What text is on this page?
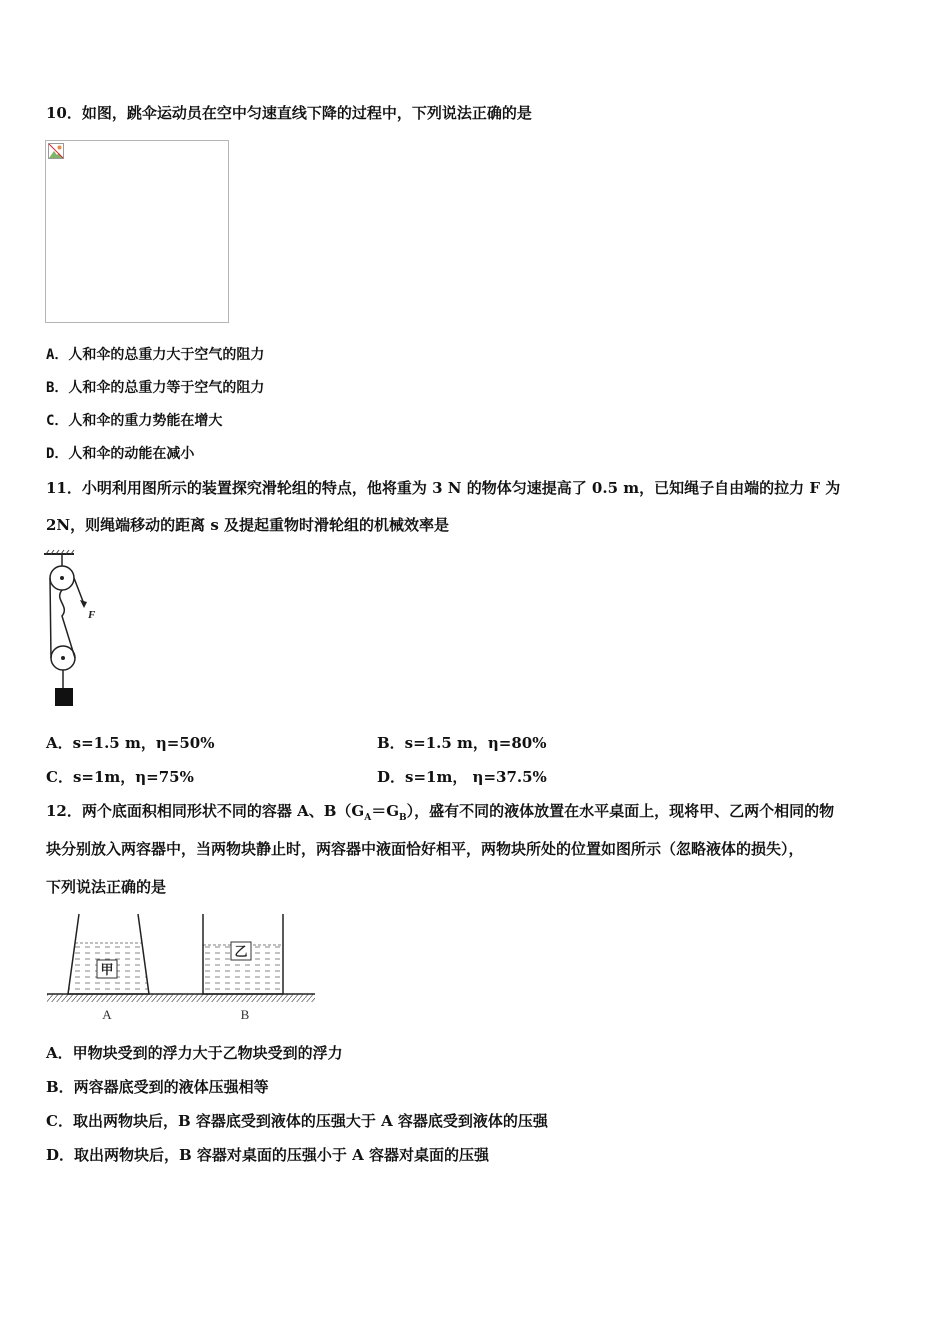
10．如图，跳伞运动员在空中匀速直线下降的过程中，下列说法正确的是
A．人和伞的总重力大于空气的阻力
B．人和伞的总重力等于空气的阻力
C．人和伞的重力势能在增大
D．人和伞的动能在减小
11．小明利用图所示的装置探究滑轮组的特点，他将重为 3 N 的物体匀速提高了 0.5 m，已知绳子自由端的拉力 F 为
2N，则绳端移动的距离 s 及提起重物时滑轮组的机械效率是
F
A．s=1.5 m，η=50%	B．s=1.5 m，η=80%
C．s=1m，η=75%	D．s=1m， η=37.5%
12．两个底面积相同形状不同的容器 A、$B(G_A=G_B)$，盛有不同的液体放置在水平桌面上，现将甲、乙两个相同的物
块分别放入两容器中，当两物块静止时，两容器中液面恰好相平，两物块所处的位置如图所示（忽略液体的损失），
下列说法正确的是
甲
A
乙
B
A．甲物块受到的浮力大于乙物块受到的浮力
B．两容器底受到的液体压强相等
C．取出两物块后，B 容器底受到液体的压强大于 A 容器底受到液体的压强
D．取出两物块后，B 容器对桌面的压强小于 A 容器对桌面的压强
